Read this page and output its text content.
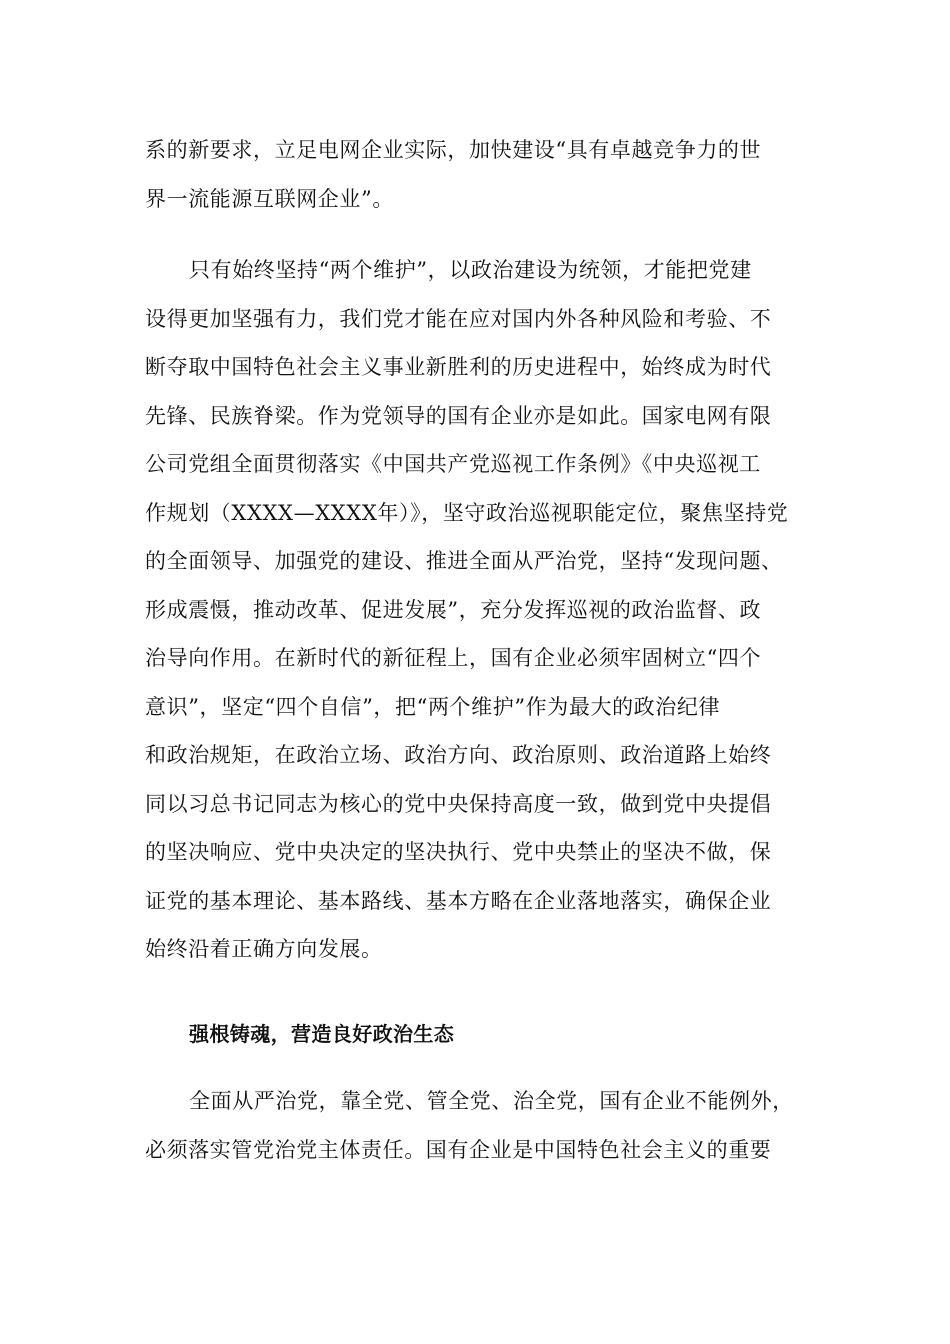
系的新要求，立足电网企业实际，加快建设“具有卓越竞争力的世
界一流能源互联网企业”。
只有始终坚持“两个维护”，以政治建设为统领，才能把党建
设得更加坚强有力，我们党才能在应对国内外各种风险和考验、不
断夺取中国特色社会主义事业新胜利的历史进程中，始终成为时代
先锋、民族脊梁。作为党领导的国有企业亦是如此。国家电网有限
公司党组全面贯彻落实《中国共产党巡视工作条例》《中央巡视工
作规划（XXXX—XXXX年）》，坚守政治巡视职能定位，聚焦坚持党
的全面领导、加强党的建设、推进全面从严治党，坚持“发现问题、
形成震慑，推动改革、促进发展”，充分发挥巡视的政治监督、政
治导向作用。在新时代的新征程上，国有企业必须牢固树立“四个
意识”，坚定“四个自信”，把“两个维护”作为最大的政治纪律
和政治规矩，在政治立场、政治方向、政治原则、政治道路上始终
同以习总书记同志为核心的党中央保持高度一致，做到党中央提倡
的坚决响应、党中央决定的坚决执行、党中央禁止的坚决不做，保
证党的基本理论、基本路线、基本方略在企业落地落实，确保企业
始终沿着正确方向发展。
强根铸魂，营造良好政治生态
全面从严治党，靠全党、管全党、治全党，国有企业不能例外，
必须落实管党治党主体责任。国有企业是中国特色社会主义的重要
